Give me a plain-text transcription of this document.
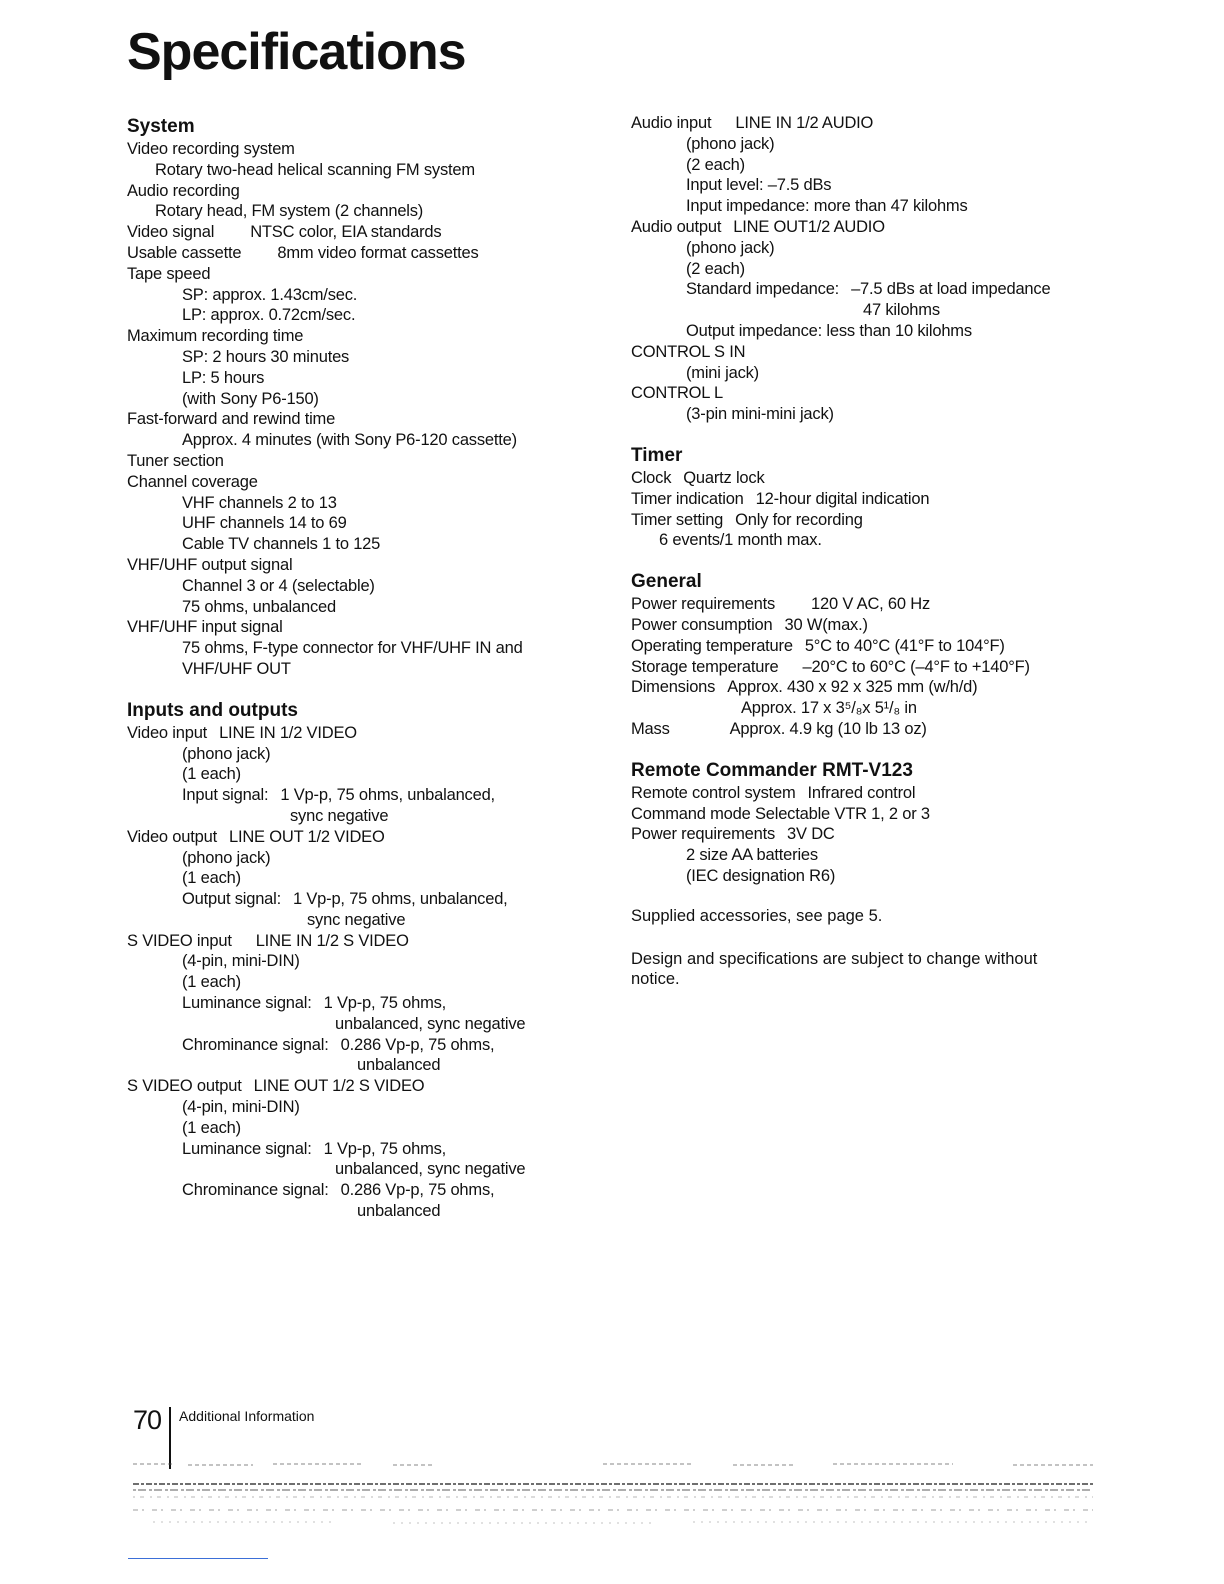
Specifications
System
Video recording system
Rotary two-head helical scanning FM system
Audio recording
Rotary head, FM system (2 channels)
Video signal NTSC color, EIA standards
Usable cassette 8mm video format cassettes
Tape speed
SP: approx. 1.43cm/sec.
LP: approx. 0.72cm/sec.
Maximum recording time
SP: 2 hours 30 minutes
LP: 5 hours
(with Sony P6-150)
Fast-forward and rewind time
Approx. 4 minutes (with Sony P6-120 cassette)
Tuner section
Channel coverage
VHF channels 2 to 13
UHF channels 14 to 69
Cable TV channels 1 to 125
VHF/UHF output signal
Channel 3 or 4 (selectable)
75 ohms, unbalanced
VHF/UHF input signal
75 ohms, F-type connector for VHF/UHF IN and
VHF/UHF OUT
Inputs and outputs
Video input LINE IN 1/2 VIDEO
(phono jack)
(1 each)
Input signal: 1 Vp-p, 75 ohms, unbalanced,
sync negative
Video output LINE OUT 1/2 VIDEO
(phono jack)
(1 each)
Output signal: 1 Vp-p, 75 ohms, unbalanced,
sync negative
S VIDEO input LINE IN 1/2 S VIDEO
(4-pin, mini-DIN)
(1 each)
Luminance signal: 1 Vp-p, 75 ohms,
unbalanced, sync negative
Chrominance signal: 0.286 Vp-p, 75 ohms,
unbalanced
S VIDEO output LINE OUT 1/2 S VIDEO
(4-pin, mini-DIN)
(1 each)
Luminance signal: 1 Vp-p, 75 ohms,
unbalanced, sync negative
Chrominance signal: 0.286 Vp-p, 75 ohms,
unbalanced
Audio input LINE IN 1/2 AUDIO
(phono jack)
(2 each)
Input level: –7.5 dBs
Input impedance: more than 47 kilohms
Audio output LINE OUT1/2 AUDIO
(phono jack)
(2 each)
Standard impedance: –7.5 dBs at load impedance
47 kilohms
Output impedance: less than 10 kilohms
CONTROL S IN
(mini jack)
CONTROL L
(3-pin mini-mini jack)
Timer
Clock Quartz lock
Timer indication 12-hour digital indication
Timer setting Only for recording
6 events/1 month max.
General
Power requirements 120 V AC, 60 Hz
Power consumption 30 W(max.)
Operating temperature 5°C to 40°C (41°F to 104°F)
Storage temperature –20°C to 60°C (–4°F to +140°F)
Dimensions Approx. 430 x 92 x 325 mm (w/h/d)
Approx. 17 x 3⁵/₈x 5¹/₈ in
Mass	Approx. 4.9 kg (10 lb 13 oz)
Remote Commander RMT-V123
Remote control system Infrared control
Command mode Selectable VTR 1, 2 or 3
Power requirements 3V DC
2 size AA batteries
(IEC designation R6)
Supplied accessories, see page 5.
Design and specifications are subject to change without
notice.
70 Additional Information
